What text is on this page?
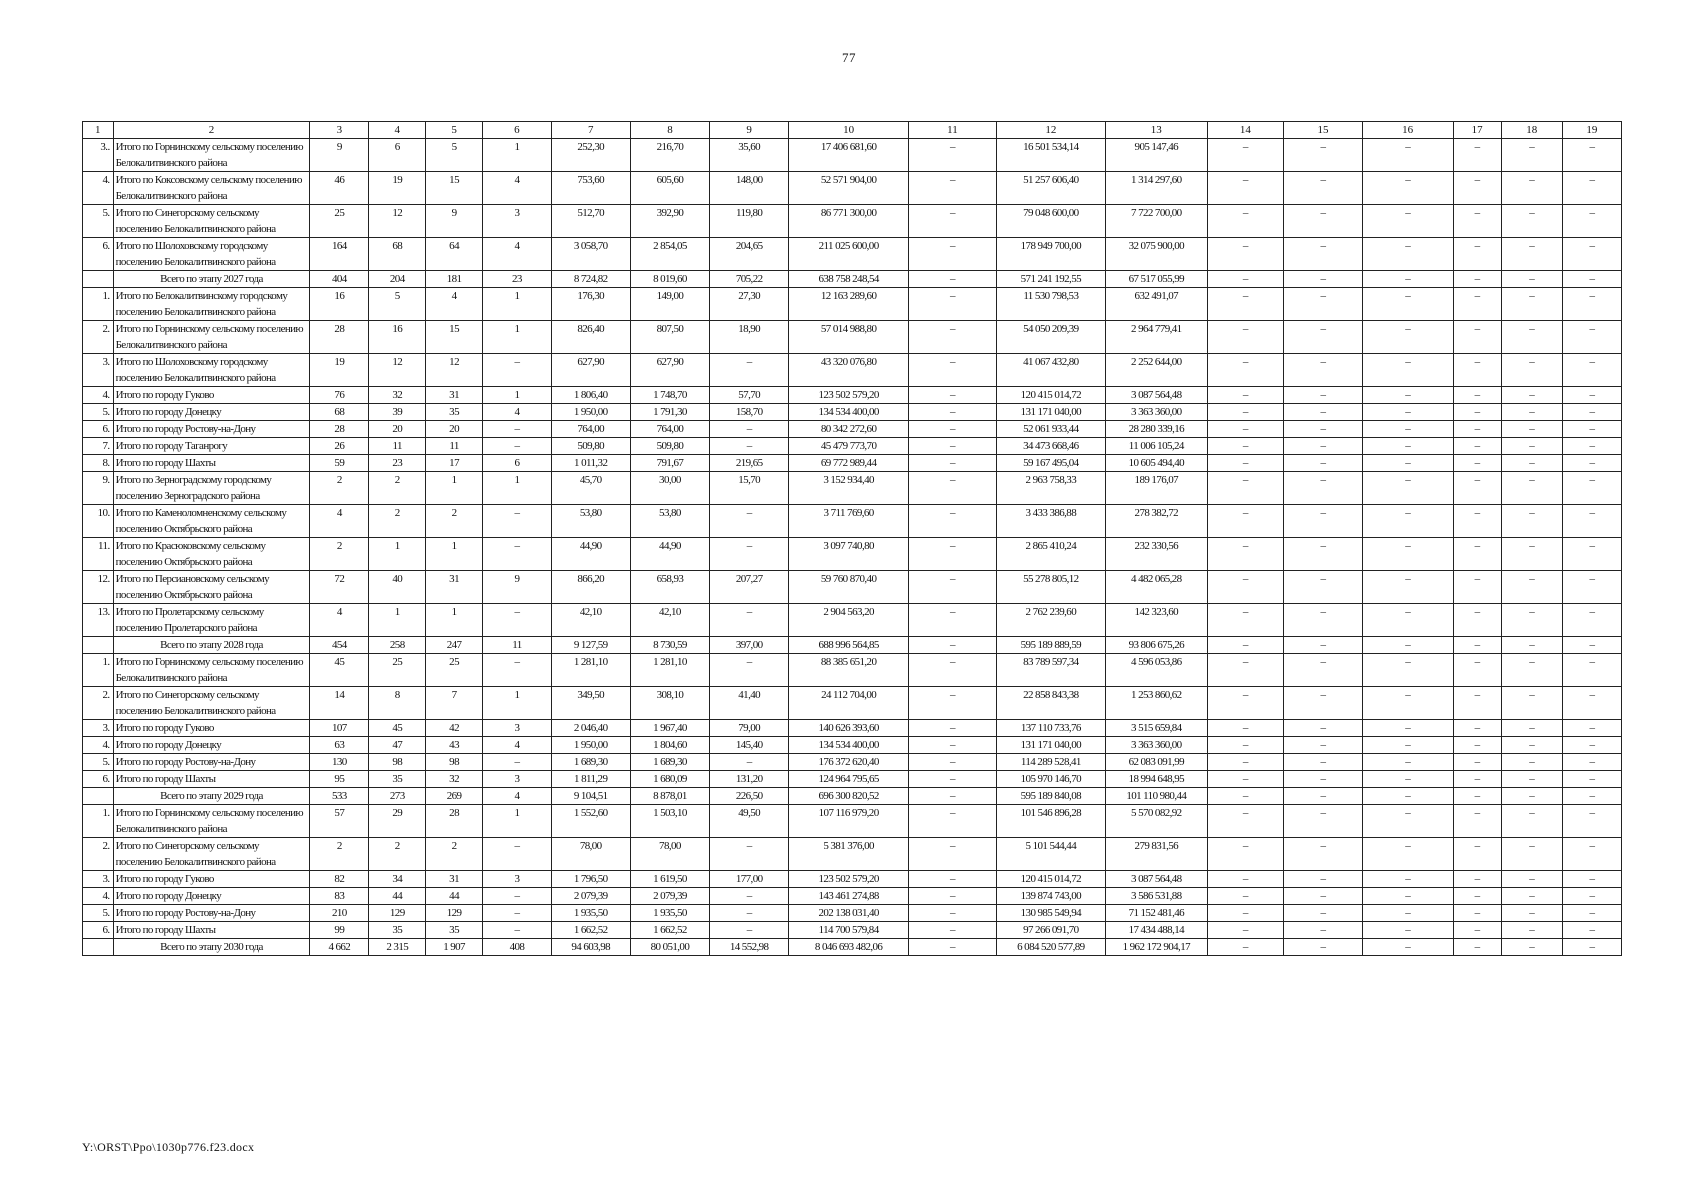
77
1	2	3	4	5	6	7	8	9	10	11	12	13	14	15	16	17	18	19
3..	Итого по Горнинскому сельскому поселению Белокалитвинского района	9	6	5	1	252,30	216,70	35,60	17 406 681,60	–	16 501 534,14	905 147,46	–	–	–	–	–	–
4.	Итого по Коксовскому сельскому поселению Белокалитвинского района	46	19	15	4	753,60	605,60	148,00	52 571 904,00	–	51 257 606,40	1 314 297,60	–	–	–	–	–	–
5.	Итого по Синегорскому сельскому поселению Белокалитвинского района	25	12	9	3	512,70	392,90	119,80	86 771 300,00	–	79 048 600,00	7 722 700,00	–	–	–	–	–	–
6.	Итого по Шолоховскому городскому поселению Белокалитвинского района	164	68	64	4	3 058,70	2 854,05	204,65	211 025 600,00	–	178 949 700,00	32 075 900,00	–	–	–	–	–	–
	Всего по этапу 2027 года	404	204	181	23	8 724,82	8 019,60	705,22	638 758 248,54	–	571 241 192,55	67 517 055,99	–	–	–	–	–	–
1.	Итого по Белокалитвинскому городскому поселению Белокалитвинского района	16	5	4	1	176,30	149,00	27,30	12 163 289,60	–	11 530 798,53	632 491,07	–	–	–	–	–	–
2.	Итого по Горнинскому сельскому поселению Белокалитвинского района	28	16	15	1	826,40	807,50	18,90	57 014 988,80	–	54 050 209,39	2 964 779,41	–	–	–	–	–	–
3.	Итого по Шолоховскому городскому поселению Белокалитвинского района	19	12	12	–	627,90	627,90	–	43 320 076,80	–	41 067 432,80	2 252 644,00	–	–	–	–	–	–
4.	Итого по городу Гуково	76	32	31	1	1 806,40	1 748,70	57,70	123 502 579,20	–	120 415 014,72	3 087 564,48	–	–	–	–	–	–
5.	Итого по городу Донецку	68	39	35	4	1 950,00	1 791,30	158,70	134 534 400,00	–	131 171 040,00	3 363 360,00	–	–	–	–	–	–
6.	Итого по городу Ростову-на-Дону	28	20	20	–	764,00	764,00	–	80 342 272,60	–	52 061 933,44	28 280 339,16	–	–	–	–	–	–
7.	Итого по городу Таганрогу	26	11	11	–	509,80	509,80	–	45 479 773,70	–	34 473 668,46	11 006 105,24	–	–	–	–	–	–
8.	Итого по городу Шахты	59	23	17	6	1 011,32	791,67	219,65	69 772 989,44	–	59 167 495,04	10 605 494,40	–	–	–	–	–	–
9.	Итого по Зерноградскому городскому поселению Зерноградского района	2	2	1	1	45,70	30,00	15,70	3 152 934,40	–	2 963 758,33	189 176,07	–	–	–	–	–	–
10.	Итого по Каменоломненскому сельскому поселению Октябрьского района	4	2	2	–	53,80	53,80	–	3 711 769,60	–	3 433 386,88	278 382,72	–	–	–	–	–	–
11.	Итого по Красюковскому сельскому поселению Октябрьского района	2	1	1	–	44,90	44,90	–	3 097 740,80	–	2 865 410,24	232 330,56	–	–	–	–	–	–
12.	Итого по Персиановскому сельскому поселению Октябрьского района	72	40	31	9	866,20	658,93	207,27	59 760 870,40	–	55 278 805,12	4 482 065,28	–	–	–	–	–	–
13.	Итого по Пролетарскому сельскому поселению Пролетарского района	4	1	1	–	42,10	42,10	–	2 904 563,20	–	2 762 239,60	142 323,60	–	–	–	–	–	–
	Всего по этапу 2028 года	454	258	247	11	9 127,59	8 730,59	397,00	688 996 564,85	–	595 189 889,59	93 806 675,26	–	–	–	–	–	–
1.	Итого по Горнинскому сельскому поселению Белокалитвинского района	45	25	25	–	1 281,10	1 281,10	–	88 385 651,20	–	83 789 597,34	4 596 053,86	–	–	–	–	–	–
2.	Итого по Синегорскому сельскому поселению Белокалитвинского района	14	8	7	1	349,50	308,10	41,40	24 112 704,00	–	22 858 843,38	1 253 860,62	–	–	–	–	–	–
3.	Итого по городу Гуково	107	45	42	3	2 046,40	1 967,40	79,00	140 626 393,60	–	137 110 733,76	3 515 659,84	–	–	–	–	–	–
4.	Итого по городу Донецку	63	47	43	4	1 950,00	1 804,60	145,40	134 534 400,00	–	131 171 040,00	3 363 360,00	–	–	–	–	–	–
5.	Итого по городу Ростову-на-Дону	130	98	98	–	1 689,30	1 689,30	–	176 372 620,40	–	114 289 528,41	62 083 091,99	–	–	–	–	–	–
6.	Итого по городу Шахты	95	35	32	3	1 811,29	1 680,09	131,20	124 964 795,65	–	105 970 146,70	18 994 648,95	–	–	–	–	–	–
	Всего по этапу 2029 года	533	273	269	4	9 104,51	8 878,01	226,50	696 300 820,52	–	595 189 840,08	101 110 980,44	–	–	–	–	–	–
1.	Итого по Горнинскому сельскому поселению Белокалитвинского района	57	29	28	1	1 552,60	1 503,10	49,50	107 116 979,20	–	101 546 896,28	5 570 082,92	–	–	–	–	–	–
2.	Итого по Синегорскому сельскому поселению Белокалитвинского района	2	2	2	–	78,00	78,00	–	5 381 376,00	–	5 101 544,44	279 831,56	–	–	–	–	–	–
3.	Итого по городу Гуково	82	34	31	3	1 796,50	1 619,50	177,00	123 502 579,20	–	120 415 014,72	3 087 564,48	–	–	–	–	–	–
4.	Итого по городу Донецку	83	44	44	–	2 079,39	2 079,39	–	143 461 274,88	–	139 874 743,00	3 586 531,88	–	–	–	–	–	–
5.	Итого по городу Ростову-на-Дону	210	129	129	–	1 935,50	1 935,50	–	202 138 031,40	–	130 985 549,94	71 152 481,46	–	–	–	–	–	–
6.	Итого по городу Шахты	99	35	35	–	1 662,52	1 662,52	–	114 700 579,84	–	97 266 091,70	17 434 488,14	–	–	–	–	–	–
	Всего по этапу 2030 года	4 662	2 315	1 907	408	94 603,98	80 051,00	14 552,98	8 046 693 482,06	–	6 084 520 577,89	1 962 172 904,17	–	–	–	–	–	–
Y:\ORST\Ppo\1030p776.f23.docx
